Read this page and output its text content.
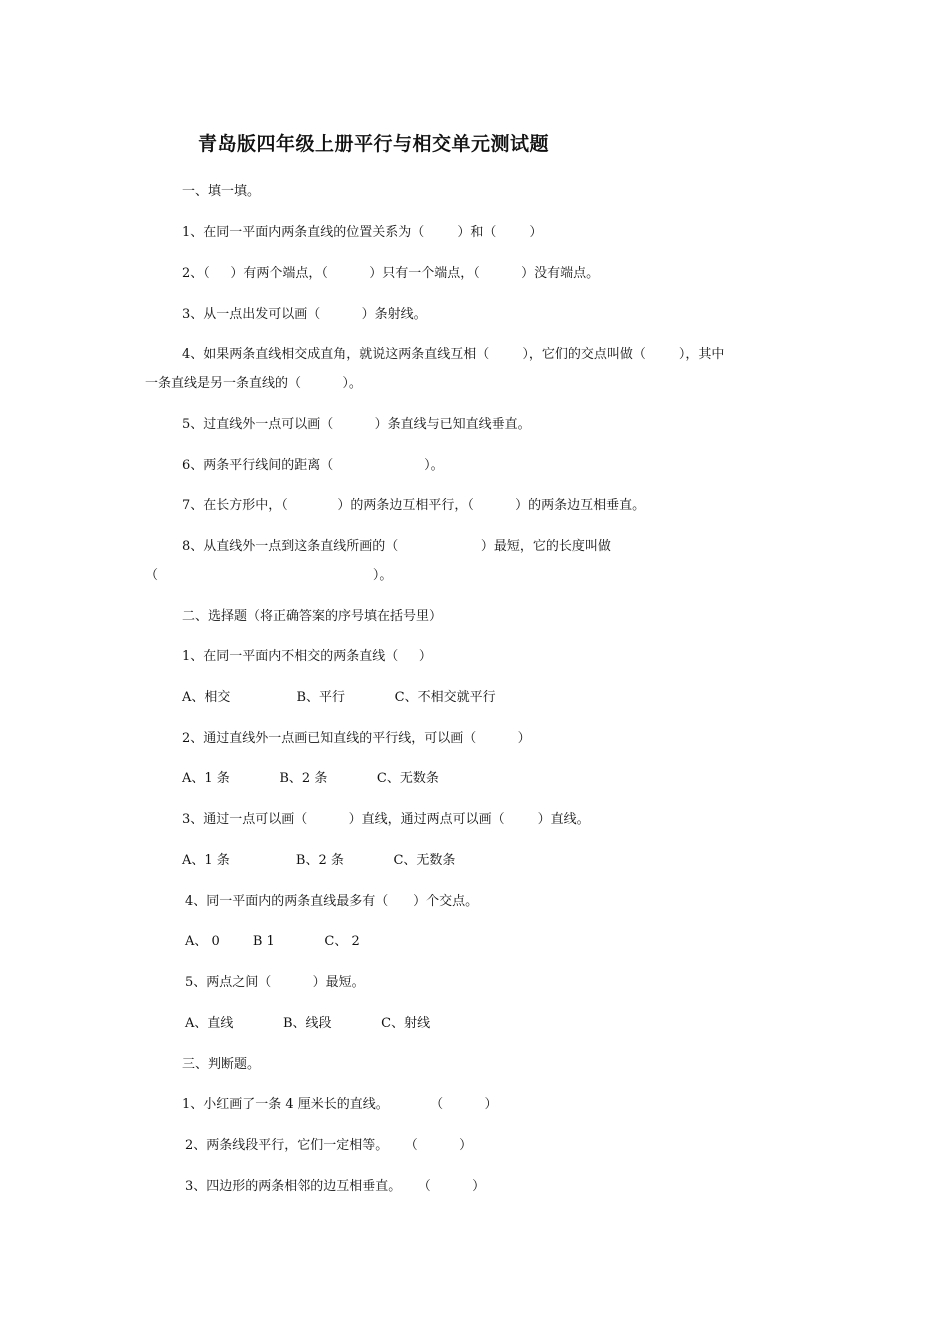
青岛版四年级上册平行与相交单元测试题
一、填一填。
1、在同一平面内两条直线的位置关系为（        ）和（        ）
2、（     ）有两个端点，（          ）只有一个端点，（          ）没有端点。
3、从一点出发可以画（          ）条射线。
4、如果两条直线相交成直角，就说这两条直线互相（        ），它们的交点叫做（        ），其中
一条直线是另一条直线的（          ）。
5、过直线外一点可以画（          ）条直线与已知直线垂直。
6、两条平行线间的距离（                      ）。
7、在长方形中，（            ）的两条边互相平行，（          ）的两条边互相垂直。
8、从直线外一点到这条直线所画的（                    ）最短，它的长度叫做
（                                                    ）。
二、选择题（将正确答案的序号填在括号里）
1、在同一平面内不相交的两条直线（     ）
A、相交                B、平行            C、不相交就平行
2、通过直线外一点画已知直线的平行线，可以画（          ）
A、1 条            B、2 条            C、无数条
3、通过一点可以画（          ）直线，通过两点可以画（        ）直线。
A、1 条                B、2 条            C、无数条
4、同一平面内的两条直线最多有（      ）个交点。
A、 0        B 1            C、 2
5、两点之间（          ）最短。
A、直线            B、线段            C、射线
三、判断题。
1、小红画了一条 4 厘米长的直线。          （          ）
2、两条线段平行，它们一定相等。    （          ）
3、四边形的两条相邻的边互相垂直。    （          ）
